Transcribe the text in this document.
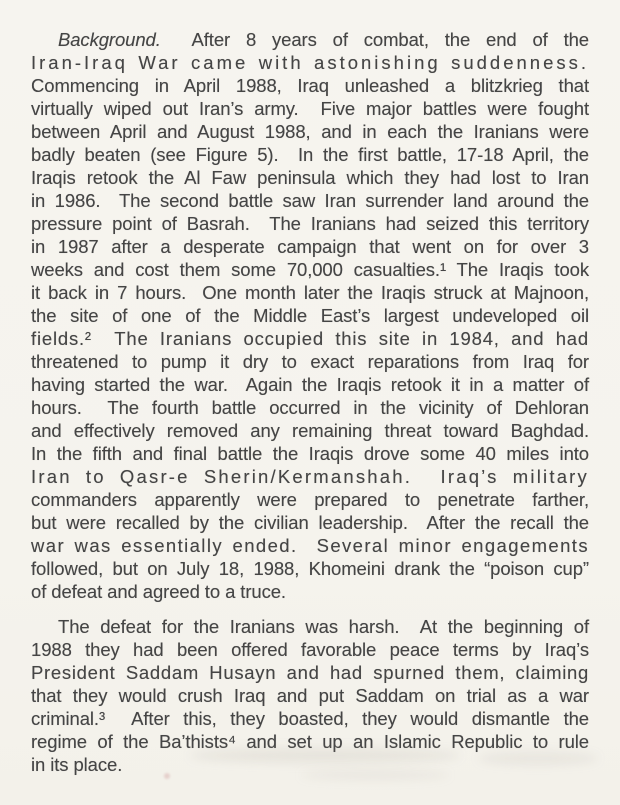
Background.  After 8 years of combat, the end of the
Iran-Iraq War came with astonishing suddenness.
Commencing in April 1988, Iraq unleashed a blitzkrieg that
virtually wiped out Iran’s army.  Five major battles were fought
between April and August 1988, and in each the Iranians were
badly beaten (see Figure 5).  In the first battle, 17-18 April, the
Iraqis retook the Al Faw peninsula which they had lost to Iran
in 1986.  The second battle saw Iran surrender land around the
pressure point of Basrah.  The Iranians had seized this territory
in 1987 after a desperate campaign that went on for over 3
weeks and cost them some 70,000 casualties.¹ The Iraqis took
it back in 7 hours.  One month later the Iraqis struck at Majnoon,
the site of one of the Middle East’s largest undeveloped oil
fields.²  The Iranians occupied this site in 1984, and had
threatened to pump it dry to exact reparations from Iraq for
having started the war.  Again the Iraqis retook it in a matter of
hours.  The fourth battle occurred in the vicinity of Dehloran
and effectively removed any remaining threat toward Baghdad.
In the fifth and final battle the Iraqis drove some 40 miles into
Iran to Qasr-e Sherin/Kermanshah.  Iraq’s military
commanders apparently were prepared to penetrate farther,
but were recalled by the civilian leadership.  After the recall the
war was essentially ended.  Several minor engagements
followed, but on July 18, 1988, Khomeini drank the “poison cup”
of defeat and agreed to a truce.
The defeat for the Iranians was harsh.  At the beginning of
1988 they had been offered favorable peace terms by Iraq’s
President Saddam Husayn and had spurned them, claiming
that they would crush Iraq and put Saddam on trial as a war
criminal.³  After this, they boasted, they would dismantle the
regime of the Ba’thists⁴ and set up an Islamic Republic to rule
in its place.
